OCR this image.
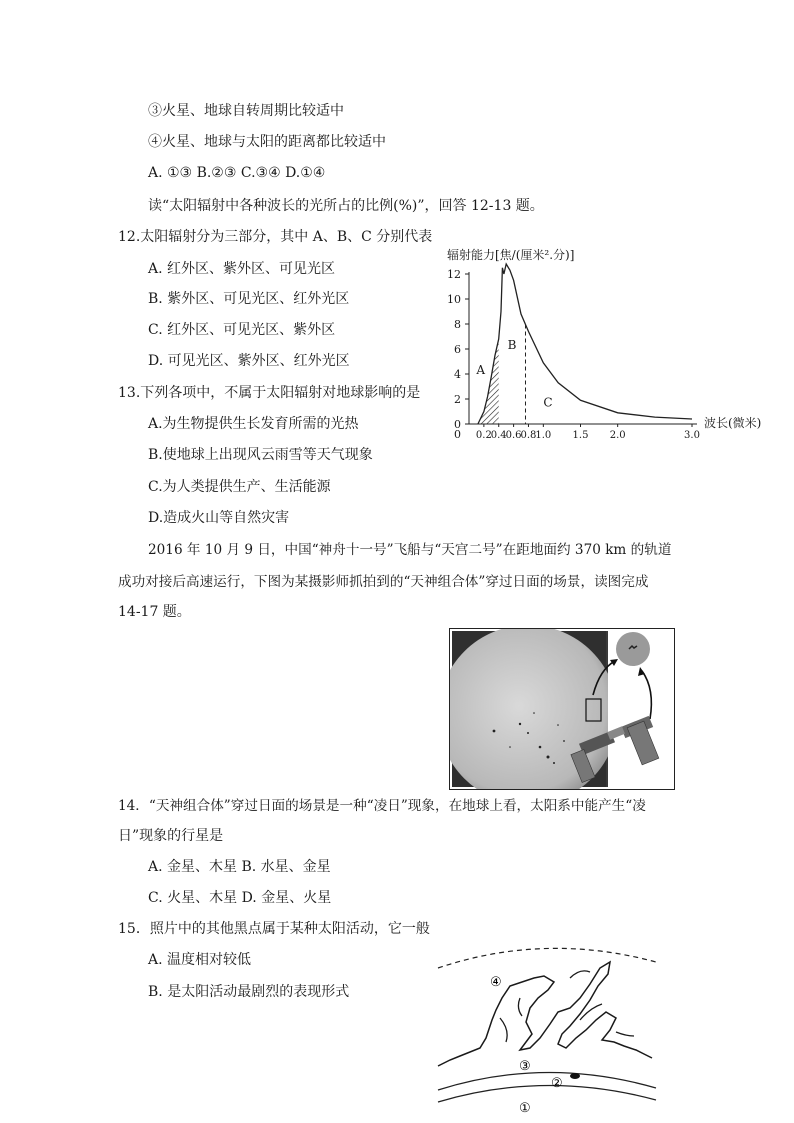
③火星、地球自转周期比较适中
④火星、地球与太阳的距离都比较适中
A. ①③ B.②③ C.③④ D.①④
读“太阳辐射中各种波长的光所占的比例(%)”，回答 12-13 题。
12.太阳辐射分为三部分，其中 A、B、C 分别代表
A. 红外区、紫外区、可见光区
B. 紫外区、可见光区、红外光区
C. 红外区、可见光区、紫外区
D. 可见光区、紫外区、红外光区
13.下列各项中，不属于太阳辐射对地球影响的是
A.为生物提供生长发育所需的光热
B.使地球上出现风云雨雪等天气现象
C.为人类提供生产、生活能源
D.造成火山等自然灾害
2016 年 10 月 9 日，中国“神舟十一号”飞船与“天宫二号”在距地面约 370 km 的轨道
成功对接后高速运行，下图为某摄影师抓拍到的“天神组合体”穿过日面的场景，读图完成
14-17 题。
14．“天神组合体”穿过日面的场景是一种“凌日”现象，在地球上看，太阳系中能产生“凌
日”现象的行星是
A. 金星、木星 B. 水星、金星
C. 火星、木星 D. 金星、火星
15．照片中的其他黑点属于某种太阳活动，它一般
A. 温度相对较低
B. 是太阳活动最剧烈的表现形式
辐射能力[焦/(厘米².分)]
波长(微米)
0
2
4
6
8
10
12
0.2
0.4
0.6
0.8
1.0 1.5 2.0	3.0
0
A
B
C
④
③
②
①
